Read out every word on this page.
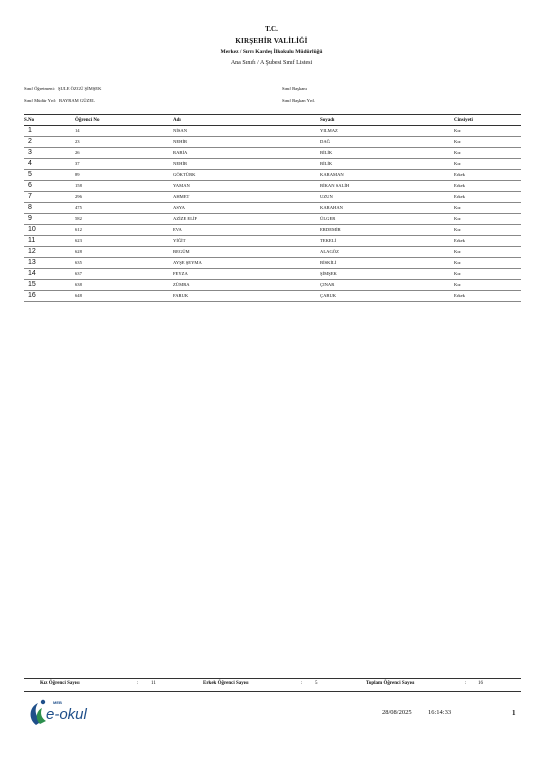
T.C.
KIRŞEHİR VALİLİĞİ
Merkez / Sırrı Kardeş İlkokulu Müdürlüğü
Ana Sınıfı / A Şubesi Sınıf Listesi
Sınıf Öğretmeni: ŞULE ÖZGÜ ŞİMŞEK
Sınıf Müdür Yrd: BAYRAM GÜZEL
Sınıf Başkanı
Sınıf Başkan Yrd.
S.No	Öğrenci No	Adı	Soyadı	Cinsiyeti
1	14	NİSAN	YILMAZ	Kız
2	23	NEHİR	DAĞ	Kız
3	26	RABİA	BİLİK	Kız
4	37	NEHİR	BİLİK	Kız
5	89	GÖKTÜRK	KARAMAN	Erkek
6	158	YAMAN	BİKAN SALİH	Erkek
7	296	AHMET	UZUN	Erkek
8	475	ASYA	KARAHAN	Kız
9	582	AZİZE ELİF	ÜLGER	Kız
10	612	EVA	ERDEMİR	Kız
11	623	YİĞİT	TEKELİ	Erkek
12	628	BEGÜM	ALAGÖZ	Kız
13	635	AYŞE ŞEYMA	BİSKİLİ	Kız
14	637	FEYZA	ŞİMŞEK	Kız
15	638	ZÜMRA	ÇINAR	Kız
16	648	FARUK	ÇABUK	Erkek
Kız Öğrenci Sayısı	:	11	Erkek Öğrenci Sayısı	:	5	Toplam Öğrenci Sayısı	: 16
MEB
e-okul	28/08/2025	16:14:33	1
